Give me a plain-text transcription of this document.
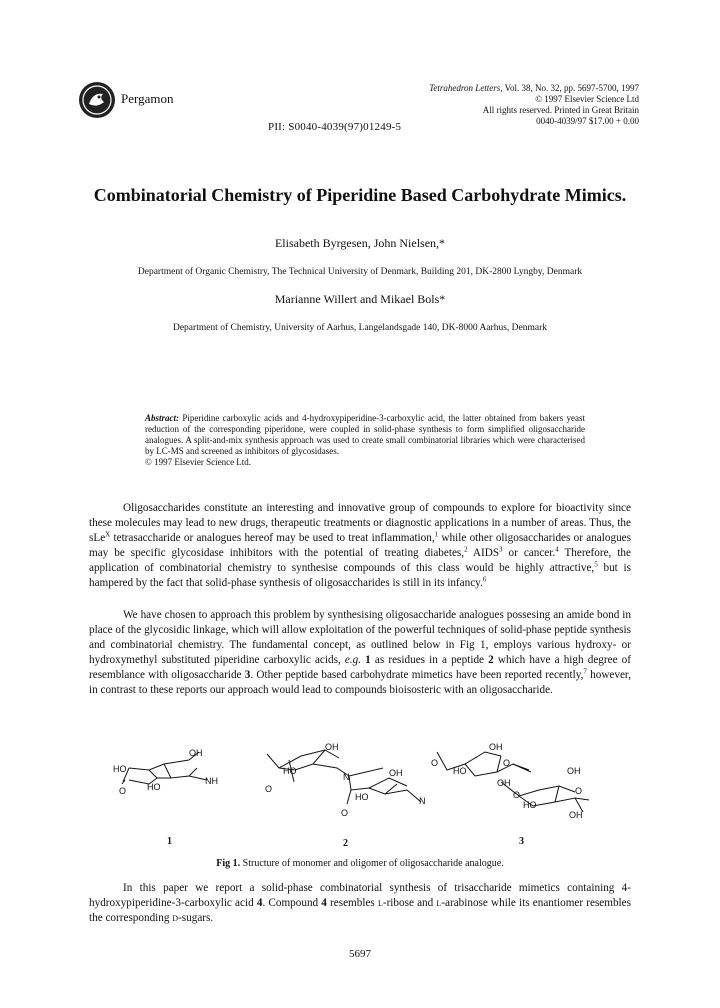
Pergamon
Tetrahedron Letters, Vol. 38, No. 32, pp. 5697-5700, 1997
© 1997 Elsevier Science Ltd
All rights reserved. Printed in Great Britain
0040-4039/97 $17.00 + 0.00
PII: S0040-4039(97)01249-5
Combinatorial Chemistry of Piperidine Based Carbohydrate Mimics.
Elisabeth Byrgesen, John Nielsen,*
Department of Organic Chemistry, The Technical University of Denmark, Building 201, DK-2800 Lyngby, Denmark
Marianne Willert and Mikael Bols*
Department of Chemistry, University of Aarhus, Langelandsgade 140, DK-8000 Aarhus, Denmark
Abstract: Piperidine carboxylic acids and 4-hydroxypiperidine-3-carboxylic acid, the latter obtained from bakers yeast reduction of the corresponding piperidone, were coupled in solid-phase synthesis to form simplified oligosaccharide analogues. A split-and-mix synthesis approach was used to create small combinatorial libraries which were characterised by LC-MS and screened as inhibitors of glycosidases.
© 1997 Elsevier Science Ltd.

Oligosaccharides constitute an interesting and innovative group of compounds to explore for bioactivity since these molecules may lead to new drugs, therapeutic treatments or diagnostic applications in a number of areas. Thus, the sLe$^X$ tetrasaccharide or analogues hereof may be used to treat inflammation,$^1$ while other oligosaccharides or analogues may be specific glycosidase inhibitors with the potential of treating diabetes,$^2$ AIDS$^3$ or cancer.$^4$ Therefore, the application of combinatorial chemistry to synthesise compounds of this class would be highly attractive,$^5$ but is hampered by the fact that solid-phase synthesis of oligosaccharides is still in its infancy.$^6$

We have chosen to approach this problem by synthesising oligosaccharide analogues possesing an amide bond in place of the glycosidic linkage, which will allow exploitation of the powerful techniques of solid-phase peptide synthesis and combinatorial chemistry. The fundamental concept, as outlined below in Fig 1, employs various hydroxy- or hydroxymethyl substituted piperidine carboxylic acids, e.g. 1 as residues in a peptide 2 which have a high degree of resemblance with oligosaccharide 3. Other peptide based carbohydrate mimetics have been reported recently,$^7$ however, in contrast to these reports our approach would lead to compounds bioisosteric with an oligosaccharide.

HO
OH
HO
NH
O
OH
HO	OH
N
O
HO	N
O
OH
O	O
HO	OH
OH
O	O
HO
OH
1	2	3
Fig 1. Structure of monomer and oligomer of oligosaccharide analogue.

In this paper we report a solid-phase combinatorial synthesis of trisaccharide mimetics containing 4-hydroxypiperidine-3-carboxylic acid 4. Compound 4 resembles l-ribose and l-arabinose while its enantiomer resembles the corresponding d-sugars.

5697
